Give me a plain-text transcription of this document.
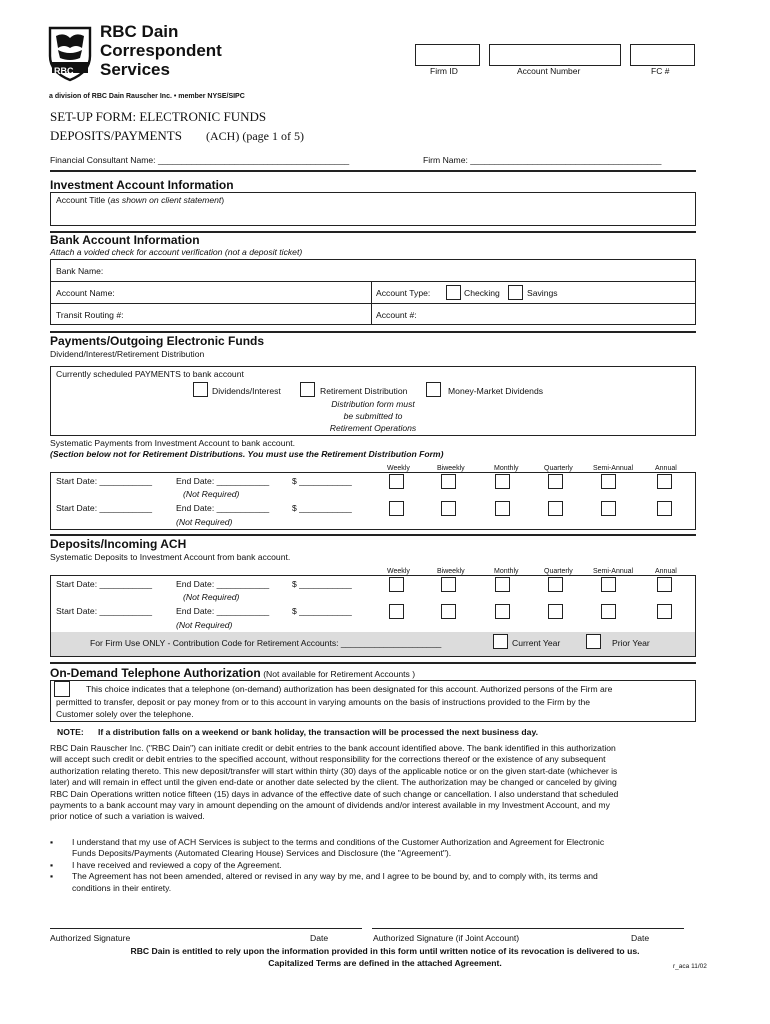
RBC
RBC Dain
Correspondent
Services
a division of RBC Dain Rauscher Inc. • member NYSE/SIPC
Firm ID	Account Number	FC #
SET-UP FORM: ELECTRONIC FUNDS
DEPOSITS/PAYMENTS (ACH) (page 1 of 5)
Financial Consultant Name: ________________________________________	Firm Name: ________________________________________
Investment Account Information
Account Title (as shown on client statement)
Bank Account Information
Attach a voided check for account verification (not a deposit ticket)
Bank Name:
Account Name:	Account Type:	Checking	Savings
Transit Routing #:	Account #:
Payments/Outgoing Electronic Funds
Dividend/Interest/Retirement Distribution
Currently scheduled PAYMENTS to bank account
Dividends/Interest	Retirement Distribution
Distribution form must
be submitted to
Retirement Operations
Money-Market Dividends
Systematic Payments from Investment Account to bank account.
(Section below not for Retirement Distributions. You must use the Retirement Distribution Form)
Weekly	Biweekly	Monthly	Quarterly	Semi-Annual	Annual
Start Date: ___________	End Date: ___________	$ ___________
(Not Required)
Start Date: ___________	End Date: ___________	$ ___________
(Not Required)
Deposits/Incoming ACH
Systematic Deposits to Investment Account from bank account.
Weekly	Biweekly	Monthly	Quarterly	Semi-Annual	Annual
Start Date: ___________	End Date: ___________	$ ___________
(Not Required)
Start Date: ___________	End Date: ___________	$ ___________
(Not Required)
For Firm Use ONLY - Contribution Code for Retirement Accounts: _____________________	Current Year	Prior Year
On-Demand Telephone Authorization (Not available for Retirement Accounts )
This choice indicates that a telephone (on-demand) authorization has been designated for this account. Authorized persons of the Firm are
permitted to transfer, deposit or pay money from or to this account in varying amounts on the basis of instructions provided to the Firm by the
Customer solely over the telephone.
NOTE: If a distribution falls on a weekend or bank holiday, the transaction will be processed the next business day.
RBC Dain Rauscher Inc. ("RBC Dain") can initiate credit or debit entries to the bank account identified above. The bank identified in this authorization
will accept such credit or debit entries to the specified account, without responsibility for the corrections thereof or the existence of any subsequent
authorization relating thereto. This new deposit/transfer will start within thirty (30) days of the applicable notice or on the given start-date (whichever is
later) and will remain in effect until the given end-date or another date selected by the client. The authorization may be changed or canceled by giving
RBC Dain Operations written notice fifteen (15) days in advance of the effective date of such change or cancellation. I also understand that scheduled
payments to a bank account may vary in amount depending on the amount of dividends and/or interest available in my Investment Account, and my
prior notice of such a variation is waived.
▪ I understand that my use of ACH Services is subject to the terms and conditions of the Customer Authorization and Agreement for Electronic
Funds Deposits/Payments (Automated Clearing House) Services and Disclosure (the "Agreement").
▪ I have received and reviewed a copy of the Agreement.
▪ The Agreement has not been amended, altered or revised in any way by me, and I agree to be bound by, and to comply with, its terms and
conditions in their entirety.
Authorized Signature	Date	Authorized Signature (if Joint Account)	Date
RBC Dain is entitled to rely upon the information provided in this form until written notice of its revocation is delivered to us.
Capitalized Terms are defined in the attached Agreement.	r_aca 11/02
